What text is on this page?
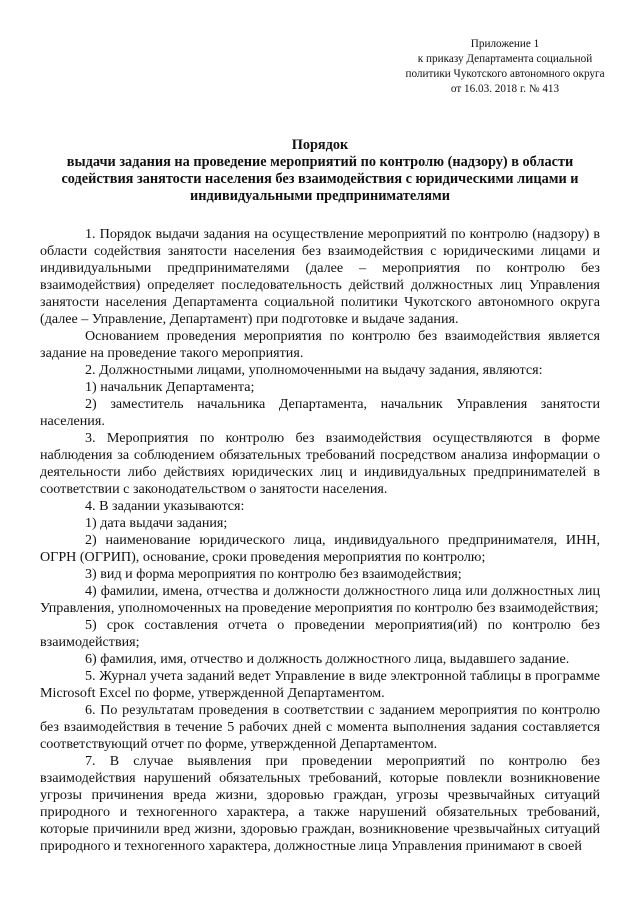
Приложение 1
к приказу Департамента социальной
политики Чукотского автономного округа
от 16.03. 2018 г. № 413
Порядок
выдачи задания на проведение мероприятий по контролю (надзору) в области
содействия занятости населения без взаимодействия с юридическими лицами и
индивидуальными предпринимателями

1. Порядок выдачи задания на осуществление мероприятий по контролю (надзору) в области содействия занятости населения без взаимодействия с юридическими лицами и индивидуальными предпринимателями (далее – мероприятия по контролю без взаимодействия) определяет последовательность действий должностных лиц Управления занятости населения Департамента социальной политики Чукотского автономного округа (далее – Управление, Департамент) при подготовке и выдаче задания.

Основанием проведения мероприятия по контролю без взаимодействия является задание на проведение такого мероприятия.

2. Должностными лицами, уполномоченными на выдачу задания, являются:

1) начальник Департамента;

2) заместитель начальника Департамента, начальник Управления занятости населения.

3. Мероприятия по контролю без взаимодействия осуществляются в форме наблюдения за соблюдением обязательных требований посредством анализа информации о деятельности либо действиях юридических лиц и индивидуальных предпринимателей в соответствии с законодательством о занятости населения.

4. В задании указываются:

1) дата выдачи задания;

2) наименование юридического лица, индивидуального предпринимателя, ИНН, ОГРН (ОГРИП), основание, сроки проведения мероприятия по контролю;

3) вид и форма мероприятия по контролю без взаимодействия;

4) фамилии, имена, отчества и должности должностного лица или должностных лиц Управления, уполномоченных на проведение мероприятия по контролю без взаимодействия;

5) срок составления отчета о проведении мероприятия(ий) по контролю без взаимодействия;

6) фамилия, имя, отчество и должность должностного лица, выдавшего задание.

5. Журнал учета заданий ведет Управление в виде электронной таблицы в программе Microsoft Excel по форме, утвержденной Департаментом.

6. По результатам проведения в соответствии с заданием мероприятия по контролю без взаимодействия в течение 5 рабочих дней с момента выполнения задания составляется соответствующий отчет по форме, утвержденной Департаментом.

7. В случае выявления при проведении мероприятий по контролю без взаимодействия нарушений обязательных требований, которые повлекли возникновение угрозы причинения вреда жизни, здоровью граждан, угрозы чрезвычайных ситуаций природного и техногенного характера, а также нарушений обязательных требований, которые причинили вред жизни, здоровью граждан, возникновение чрезвычайных ситуаций природного и техногенного характера, должностные лица Управления принимают в своей
